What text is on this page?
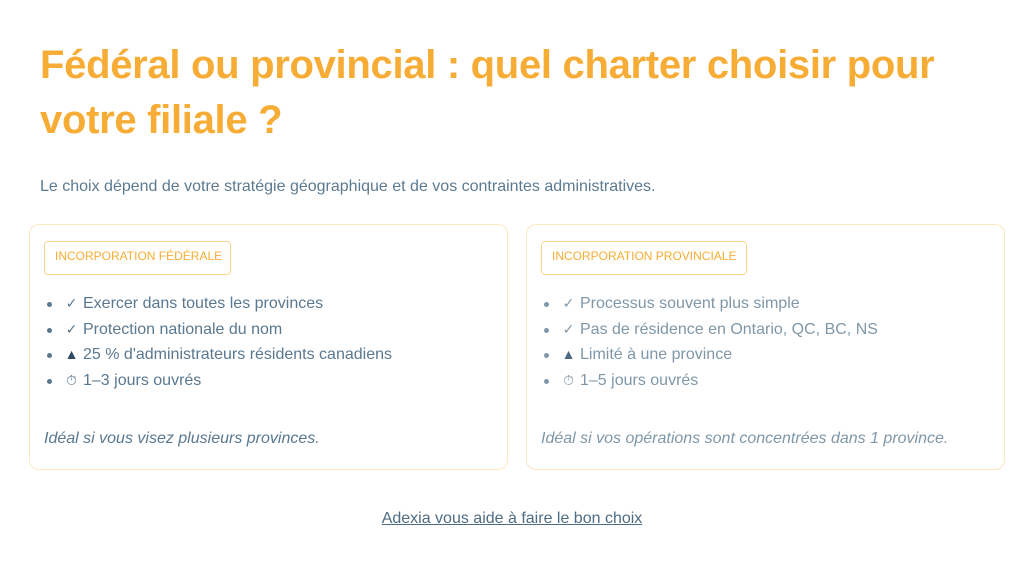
Fédéral ou provincial : quel charter choisir pour votre filiale ?

Le choix dépend de votre stratégie géographique et de vos contraintes administratives.

INCORPORATION FÉDÉRALE
✓ Exercer dans toutes les provinces
✓ Protection nationale du nom
▲ 25 % d'administrateurs résidents canadiens
⏱ 1–3 jours ouvrés

Idéal si vous visez plusieurs provinces.

INCORPORATION PROVINCIALE
✓ Processus souvent plus simple
✓ Pas de résidence en Ontario, QC, BC, NS
▲ Limité à une province
⏱ 1–5 jours ouvrés

Idéal si vos opérations sont concentrées dans 1 province.

Adexia vous aide à faire le bon choix
